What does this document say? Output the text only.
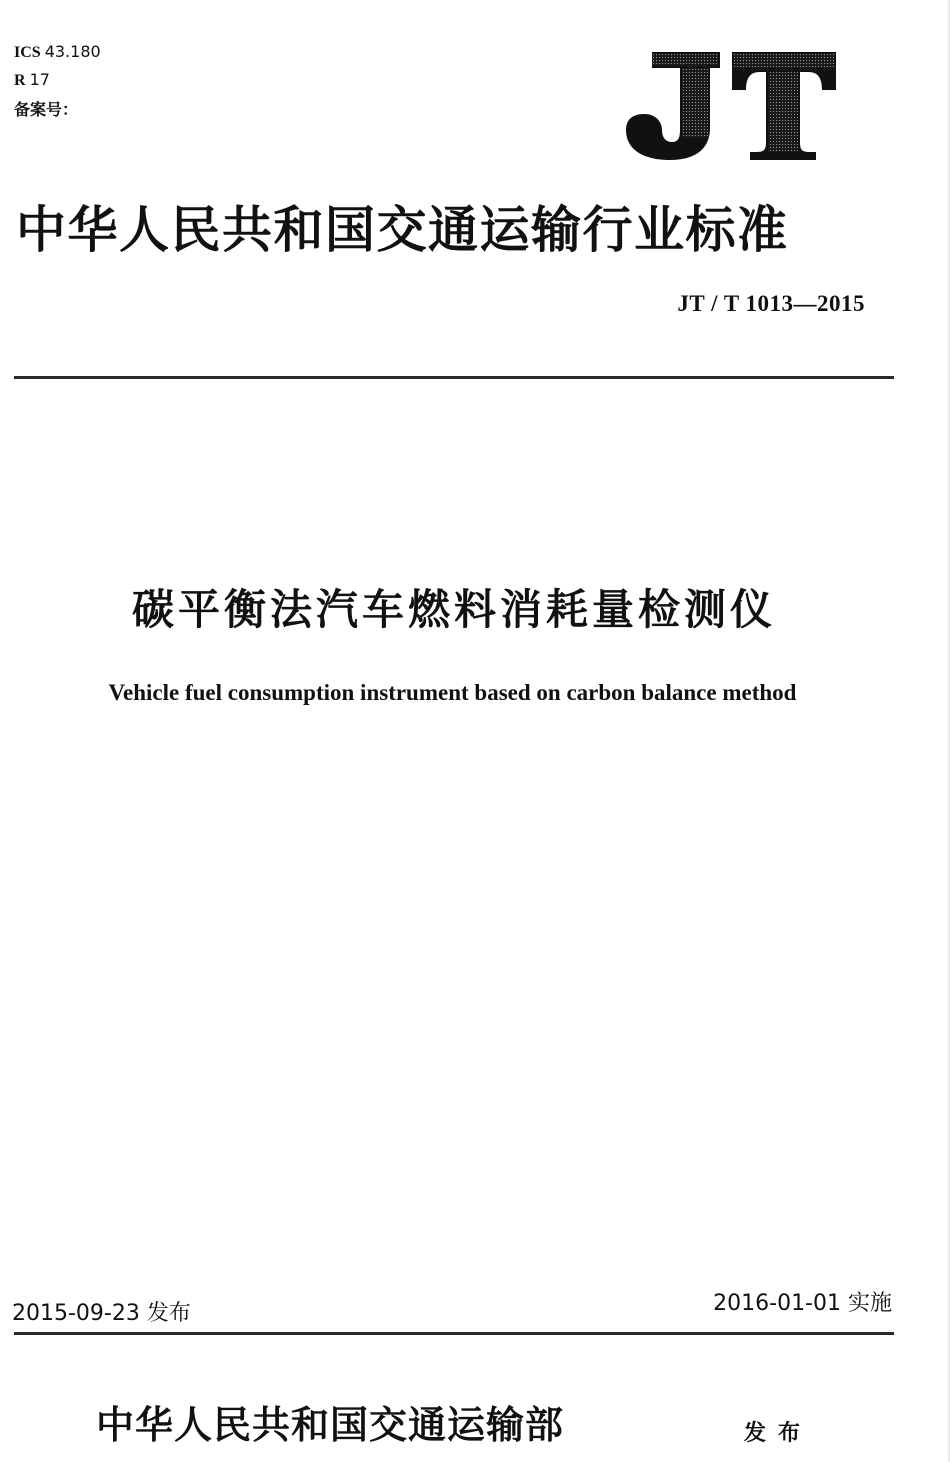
ICS 43.180
R 17
备案号：
中华人民共和国交通运输行业标准
JT / T 1013—2015
碳平衡法汽车燃料消耗量检测仪
Vehicle fuel consumption instrument based on carbon balance method
2015-09-23 发布	2016-01-01 实施
中华人民共和国交通运输部	发布
